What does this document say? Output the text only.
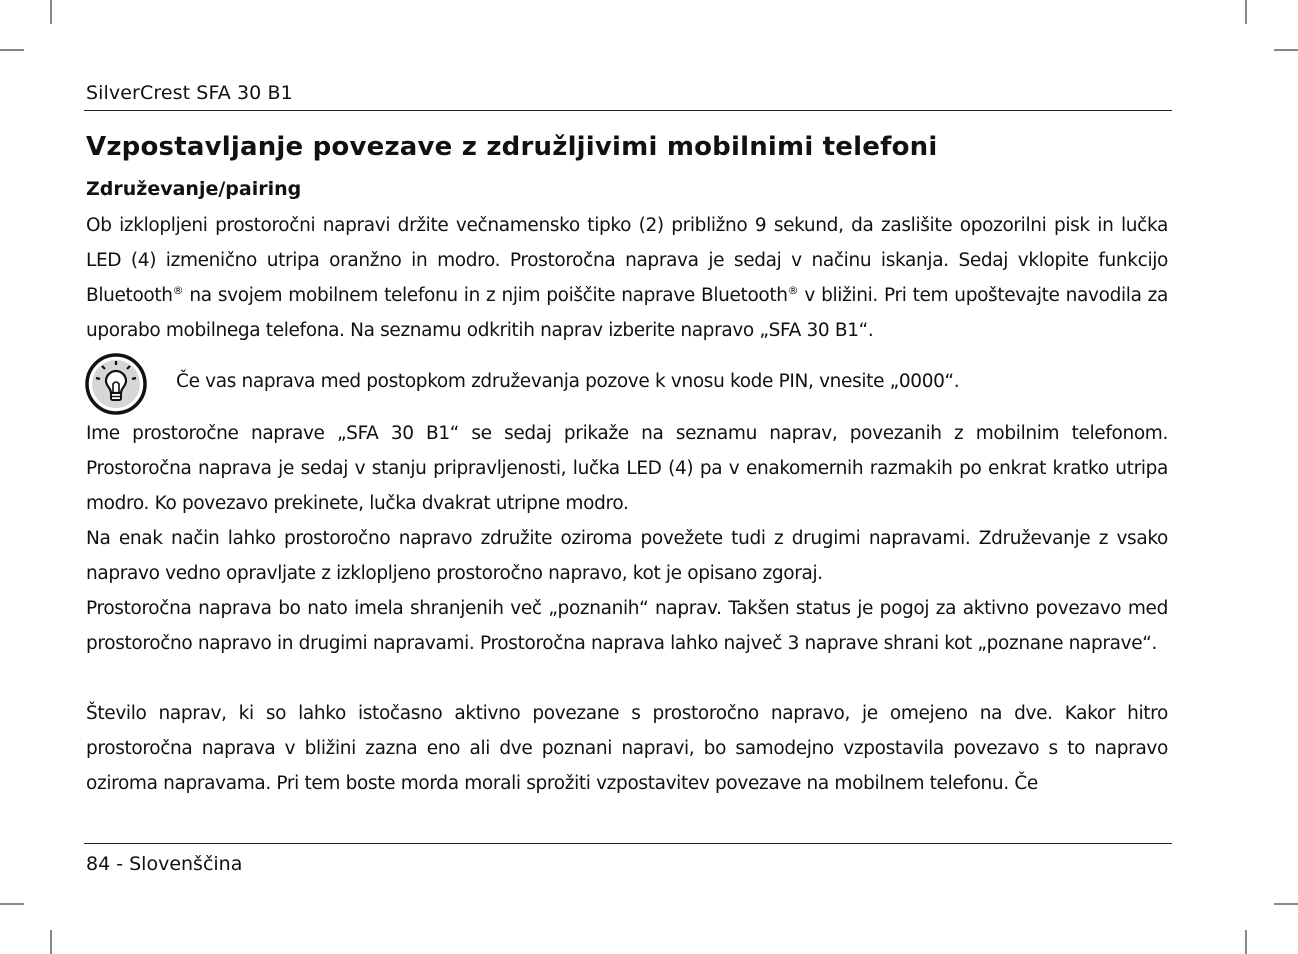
SilverCrest SFA 30 B1
Vzpostavljanje povezave z združljivimi mobilnimi telefoni
Združevanje/pairing

Ob izklopljeni prostoročni napravi držite večnamensko tipko (2) približno 9 sekund, da zaslišite opozorilni pisk in lučka LED (4) izmenično utripa oranžno in modro. Prostoročna naprava je sedaj v načinu iskanja. Sedaj vklopite funkcijo Bluetooth® na svojem mobilnem telefonu in z njim poiščite naprave Bluetooth® v bližini. Pri tem upoštevajte navodila za uporabo mobilnega telefona. Na seznamu odkritih naprav izberite napravo „SFA 30 B1“.

Če vas naprava med postopkom združevanja pozove k vnosu kode PIN, vnesite „0000“.

Ime prostoročne naprave „SFA 30 B1“ se sedaj prikaže na seznamu naprav, povezanih z mobilnim telefonom. Prostoročna naprava je sedaj v stanju pripravljenosti, lučka LED (4) pa v enakomernih razmakih po enkrat kratko utripa modro. Ko povezavo prekinete, lučka dvakrat utripne modro.

Na enak način lahko prostoročno napravo združite oziroma povežete tudi z drugimi napravami. Združevanje z vsako napravo vedno opravljate z izklopljeno prostoročno napravo, kot je opisano zgoraj.

Prostoročna naprava bo nato imela shranjenih več „poznanih“ naprav. Takšen status je pogoj za aktivno povezavo med prostoročno napravo in drugimi napravami. Prostoročna naprava lahko največ 3 naprave shrani kot „poznane naprave“.

Število naprav, ki so lahko istočasno aktivno povezane s prostoročno napravo, je omejeno na dve. Kakor hitro prostoročna naprava v bližini zazna eno ali dve poznani napravi, bo samodejno vzpostavila povezavo s to napravo oziroma napravama. Pri tem boste morda morali sprožiti vzpostavitev povezave na mobilnem telefonu. Če

84 - Slovenščina
